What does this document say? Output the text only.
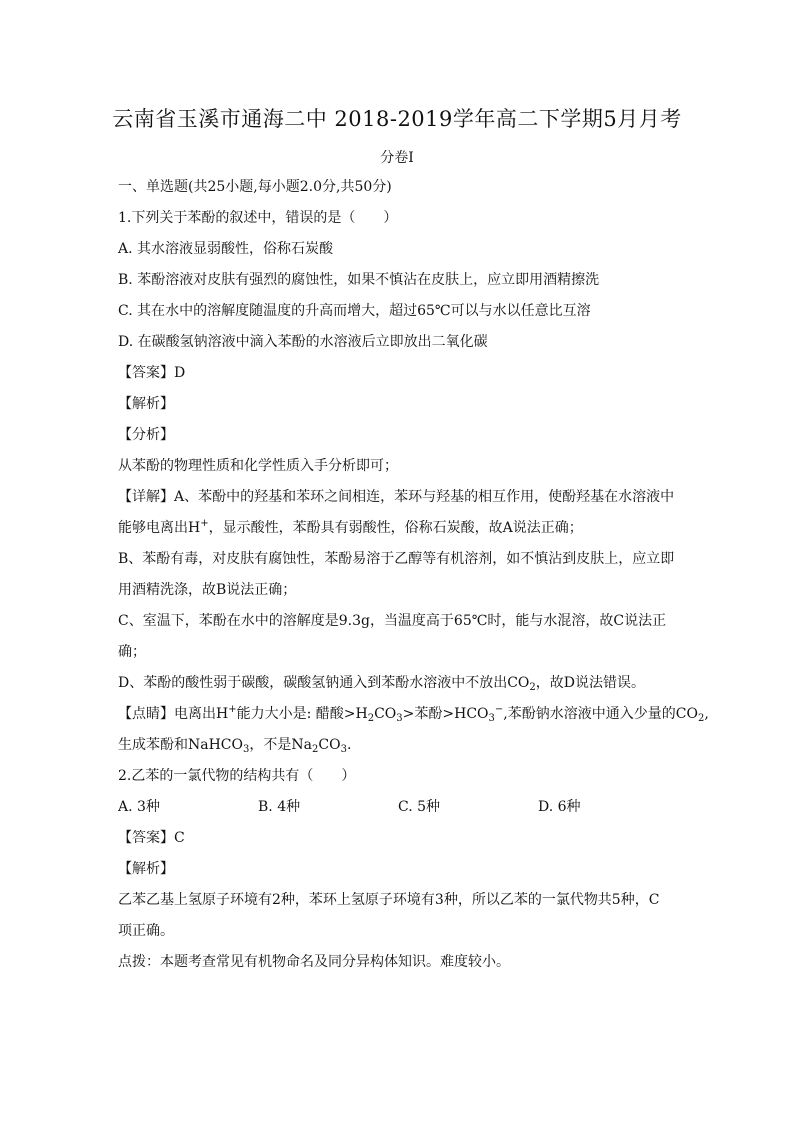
云南省玉溪市通海二中 2018-2019学年高二下学期5月月考
分卷I
一、单选题(共25小题,每小题2.0分,共50分)
1.下列关于苯酚的叙述中，错误的是（　　）
A. 其水溶液显弱酸性，俗称石炭酸
B. 苯酚溶液对皮肤有强烈的腐蚀性，如果不慎沾在皮肤上，应立即用酒精擦洗
C. 其在水中的溶解度随温度的升高而增大，超过65℃可以与水以任意比互溶
D. 在碳酸氢钠溶液中滴入苯酚的水溶液后立即放出二氧化碳
【答案】D
【解析】
【分析】
从苯酚的物理性质和化学性质入手分析即可；
【详解】A、苯酚中的羟基和苯环之间相连，苯环与羟基的相互作用，使酚羟基在水溶液中
能够电离出H+，显示酸性，苯酚具有弱酸性，俗称石炭酸，故A说法正确；
B、苯酚有毒，对皮肤有腐蚀性，苯酚易溶于乙醇等有机溶剂，如不慎沾到皮肤上，应立即
用酒精洗涤，故B说法正确；
C、室温下，苯酚在水中的溶解度是9.3g，当温度高于65℃时，能与水混溶，故C说法正
确；
D、苯酚的酸性弱于碳酸，碳酸氢钠通入到苯酚水溶液中不放出$CO_2$，故D说法错误。
【点睛】电离出H+能力大小是: 醋酸$>H_2CO_3>$苯酚$>HCO_3^-$,苯酚钠水溶液中通入少量的$CO_2$,
生成苯酚和NaHCO$_3$，不是$Na_2CO_3$.
2.乙苯的一氯代物的结构共有（　　）
A. 3种	B. 4种	C. 5种	D. 6种
【答案】C
【解析】
乙苯乙基上氢原子环境有2种，苯环上氢原子环境有3种，所以乙苯的一氯代物共5种，C
项正确。
点拨：本题考查常见有机物命名及同分异构体知识。难度较小。
